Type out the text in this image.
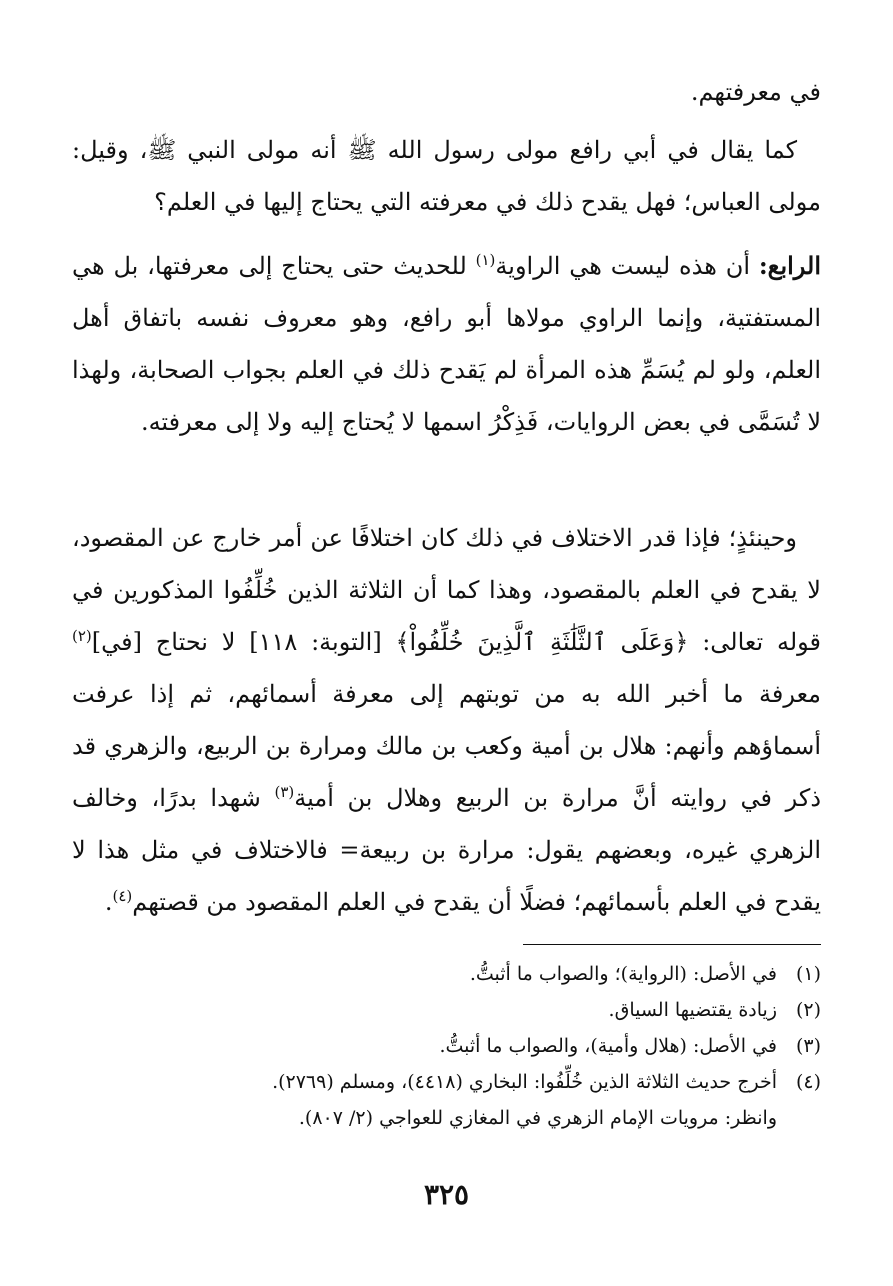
في معرفتهم.

كما يقال في أبي رافع مولى رسول الله ﷺ أنه مولى النبي ﷺ، وقيل: مولى العباس؛ فهل يقدح ذلك في معرفته التي يحتاج إليها في العلم؟

الرابع: أن هذه ليست هي الراوية$^{(١)}$ للحديث حتى يحتاج إلى معرفتها، بل هي المستفتية، وإنما الراوي مولاها أبو رافع، وهو معروف نفسه باتفاق أهل العلم، ولو لم يُسَمِّ هذه المرأة لم يَقدح ذلك في العلم بجواب الصحابة، ولهذا لا تُسَمَّى في بعض الروايات، فَذِكْرُ اسمها لا يُحتاج إليه ولا إلى معرفته.

وحينئذٍ؛ فإذا قدر الاختلاف في ذلك كان اختلافًا عن أمر خارج عن المقصود، لا يقدح في العلم بالمقصود، وهذا كما أن الثلاثة الذين خُلِّفُوا المذكورين في قوله تعالى: ﴿وَعَلَى ٱلثَّلَٰثَةِ ٱلَّذِينَ خُلِّفُواْ﴾ [التوبة: ١١٨] لا نحتاج [في]$^{(٢)}$ معرفة ما أخبر الله به من توبتهم إلى معرفة أسمائهم، ثم إذا عرفت أسماؤهم وأنهم: هلال بن أمية وكعب بن مالك ومرارة بن الربيع، والزهري قد ذكر في روايته أنَّ مرارة بن الربيع وهلال بن أمية$^{(٣)}$ شهدا بدرًا، وخالف الزهري غيره، وبعضهم يقول: مرارة بن ربيعة= فالاختلاف في مثل هذا لا يقدح في العلم بأسمائهم؛ فضلًا أن يقدح في العلم المقصود من قصتهم$^{(٤)}$.

(١)
في الأصل: (الرواية)؛ والصواب ما أثبتُّ.
(٢)
زيادة يقتضيها السياق.
(٣)
في الأصل: (هلال وأمية)، والصواب ما أثبتُّ.
(٤)
أخرج حديث الثلاثة الذين خُلِّفُوا: البخاري (٤٤١٨)، ومسلم (٢٧٦٩).
وانظر: مرويات الإمام الزهري في المغازي للعواجي (٢/ ٨٠٧).
٣٢٥
